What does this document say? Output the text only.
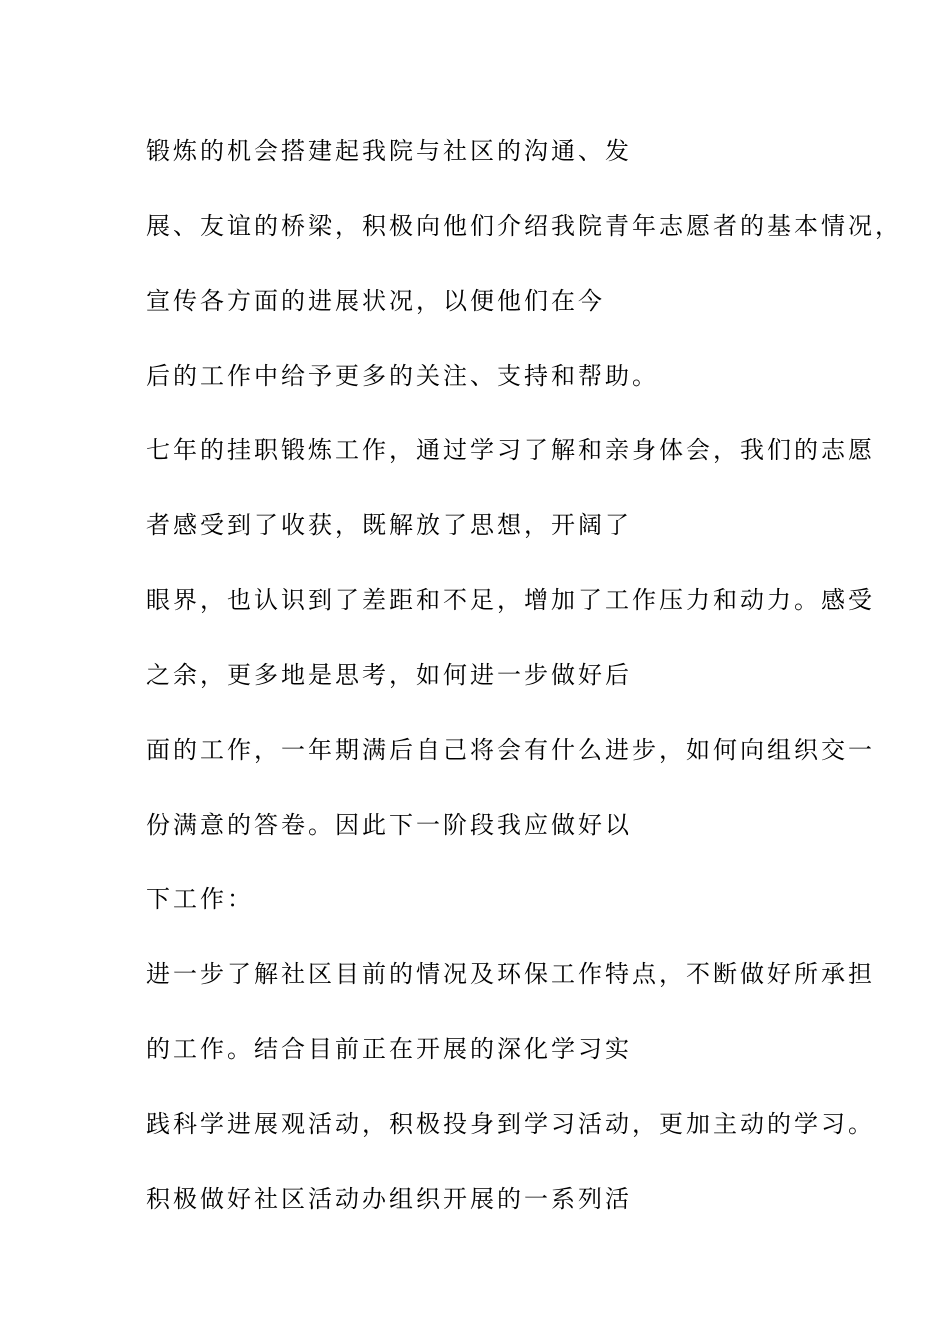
锻炼的机会搭建起我院与社区的沟通、发
展、友谊的桥梁，积极向他们介绍我院青年志愿者的基本情况，
宣传各方面的进展状况，以便他们在今
后的工作中给予更多的关注、支持和帮助。
七年的挂职锻炼工作，通过学习了解和亲身体会，我们的志愿
者感受到了收获，既解放了思想，开阔了
眼界，也认识到了差距和不足，增加了工作压力和动力。感受
之余，更多地是思考，如何进一步做好后
面的工作，一年期满后自己将会有什么进步，如何向组织交一
份满意的答卷。因此下一阶段我应做好以
下工作：
进一步了解社区目前的情况及环保工作特点，不断做好所承担
的工作。结合目前正在开展的深化学习实
践科学进展观活动，积极投身到学习活动，更加主动的学习。
积极做好社区活动办组织开展的一系列活
